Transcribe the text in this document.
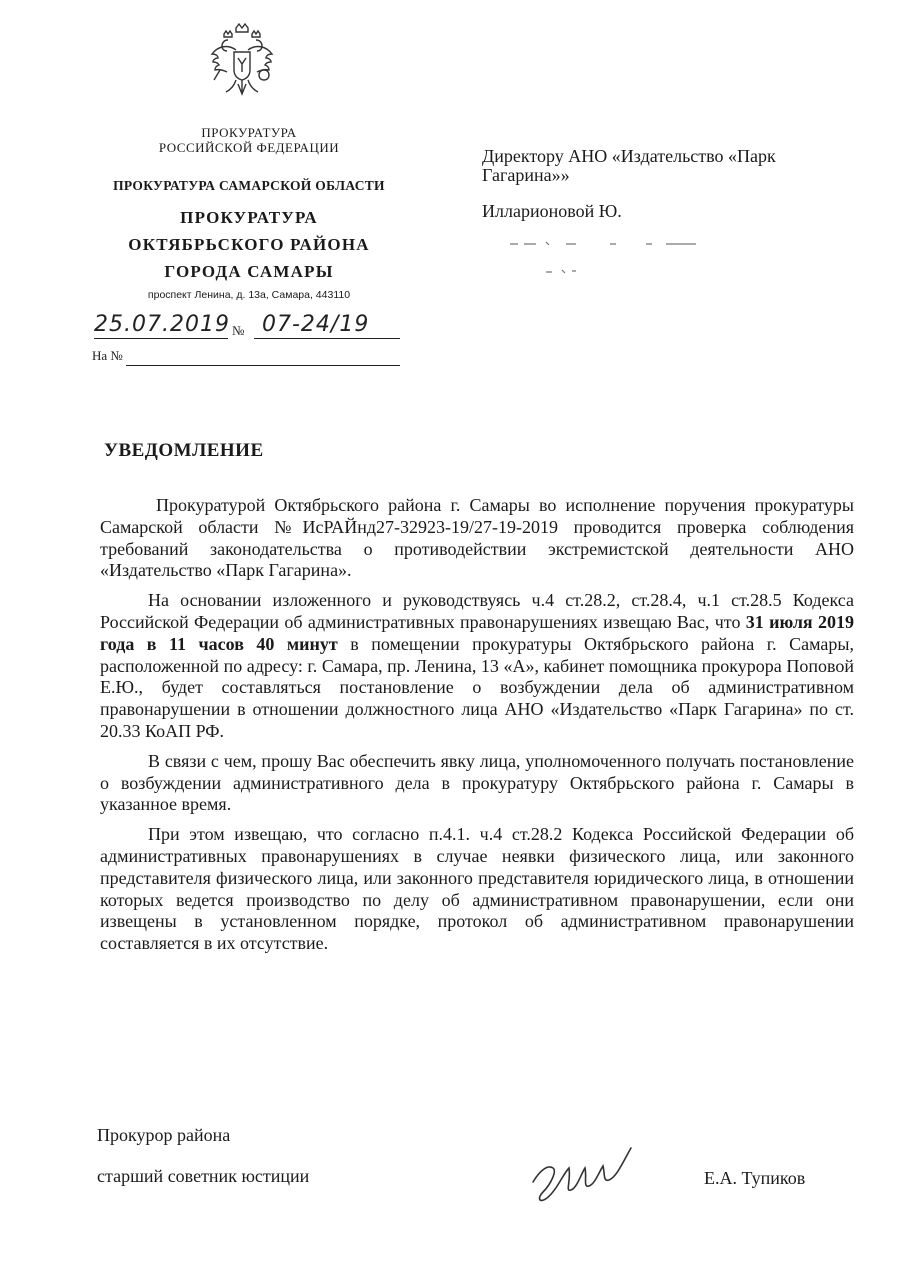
ПРОКУРАТУРА
РОССИЙСКОЙ ФЕДЕРАЦИИ
ПРОКУРАТУРА САМАРСКОЙ ОБЛАСТИ
ПРОКУРАТУРА
ОКТЯБРЬСКОГО РАЙОНА
ГОРОДА САМАРЫ
проспект Ленина, д. 13а, Самара, 443110
25.07.2019 № 07-24/19
На №
Директору АНО «Издательство «Парк Гагарина»»
Илларионовой Ю.
УВЕДОМЛЕНИЕ

Прокуратурой Октябрьского района г. Самары во исполнение поручения прокуратуры Самарской области №ИсРАЙнд27-32923-19/27-19-2019 проводится проверка соблюдения требований законодательства о противодействии экстремистской деятельности АНО «Издательство «Парк Гагарина».

На основании изложенного и руководствуясь ч.4 ст.28.2, ст.28.4, ч.1 ст.28.5 Кодекса Российской Федерации об административных правонарушениях извещаю Вас, что 31 июля 2019 года в 11 часов 40 минут в помещении прокуратуры Октябрьского района г. Самары, расположенной по адресу: г. Самара, пр. Ленина, 13 «А», кабинет помощника прокурора Поповой Е.Ю., будет составляться постановление о возбуждении дела об административном правонарушении в отношении должностного лица АНО «Издательство «Парк Гагарина» по ст. 20.33 КоАП РФ.

В связи с чем, прошу Вас обеспечить явку лица, уполномоченного получать постановление о возбуждении административного дела в прокуратуру Октябрьского района г. Самары в указанное время.

При этом извещаю, что согласно п.4.1. ч.4 ст.28.2 Кодекса Российской Федерации об административных правонарушениях в случае неявки физического лица, или законного представителя физического лица, или законного представителя юридического лица, в отношении которых ведется производство по делу об административном правонарушении, если они извещены в установленном порядке, протокол об административном правонарушении составляется в их отсутствие.

Прокурор района
старший советник юстиции	Е.А. Тупиков
